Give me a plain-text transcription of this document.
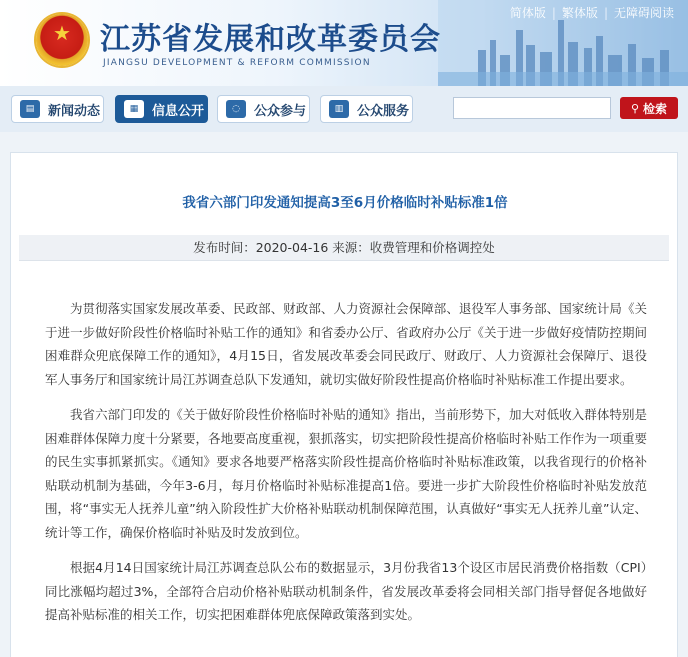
★
江苏省发展和改革委员会
JIANGSU DEVELOPMENT & REFORM COMMISSION
简体版 | 繁体版 | 无障碍阅读
▤	新闻动态	▦	信息公开	◌	公众参与	▥	公众服务	⚲ 检索
我省六部门印发通知提高3至6月价格临时补贴标准1倍
发布时间：2020-04-16 来源：收费管理和价格调控处

为贯彻落实国家发展改革委、民政部、财政部、人力资源社会保障部、退役军人事务部、国家统计局《关于进一步做好阶段性价格临时补贴工作的通知》和省委办公厅、省政府办公厅《关于进一步做好疫情防控期间困难群众兜底保障工作的通知》，4月15日，省发展改革委会同民政厅、财政厅、人力资源社会保障厅、退役军人事务厅和国家统计局江苏调查总队下发通知，就切实做好阶段性提高价格临时补贴标准工作提出要求。

我省六部门印发的《关于做好阶段性价格临时补贴的通知》指出，当前形势下，加大对低收入群体特别是困难群体保障力度十分紧要，各地要高度重视，狠抓落实，切实把阶段性提高价格临时补贴工作作为一项重要的民生实事抓紧抓实。《通知》要求各地要严格落实阶段性提高价格临时补贴标准政策，以我省现行的价格补贴联动机制为基础，今年3-6月，每月价格临时补贴标准提高1倍。要进一步扩大阶段性价格临时补贴发放范围，将“事实无人抚养儿童”纳入阶段性扩大价格补贴联动机制保障范围，认真做好“事实无人抚养儿童”认定、统计等工作，确保价格临时补贴及时发放到位。

根据4月14日国家统计局江苏调查总队公布的数据显示，3月份我省13个设区市居民消费价格指数（CPI）同比涨幅均超过3%，全部符合启动价格补贴联动机制条件，省发展改革委将会同相关部门指导督促各地做好提高补贴标准的相关工作，切实把困难群体兜底保障政策落到实处。
